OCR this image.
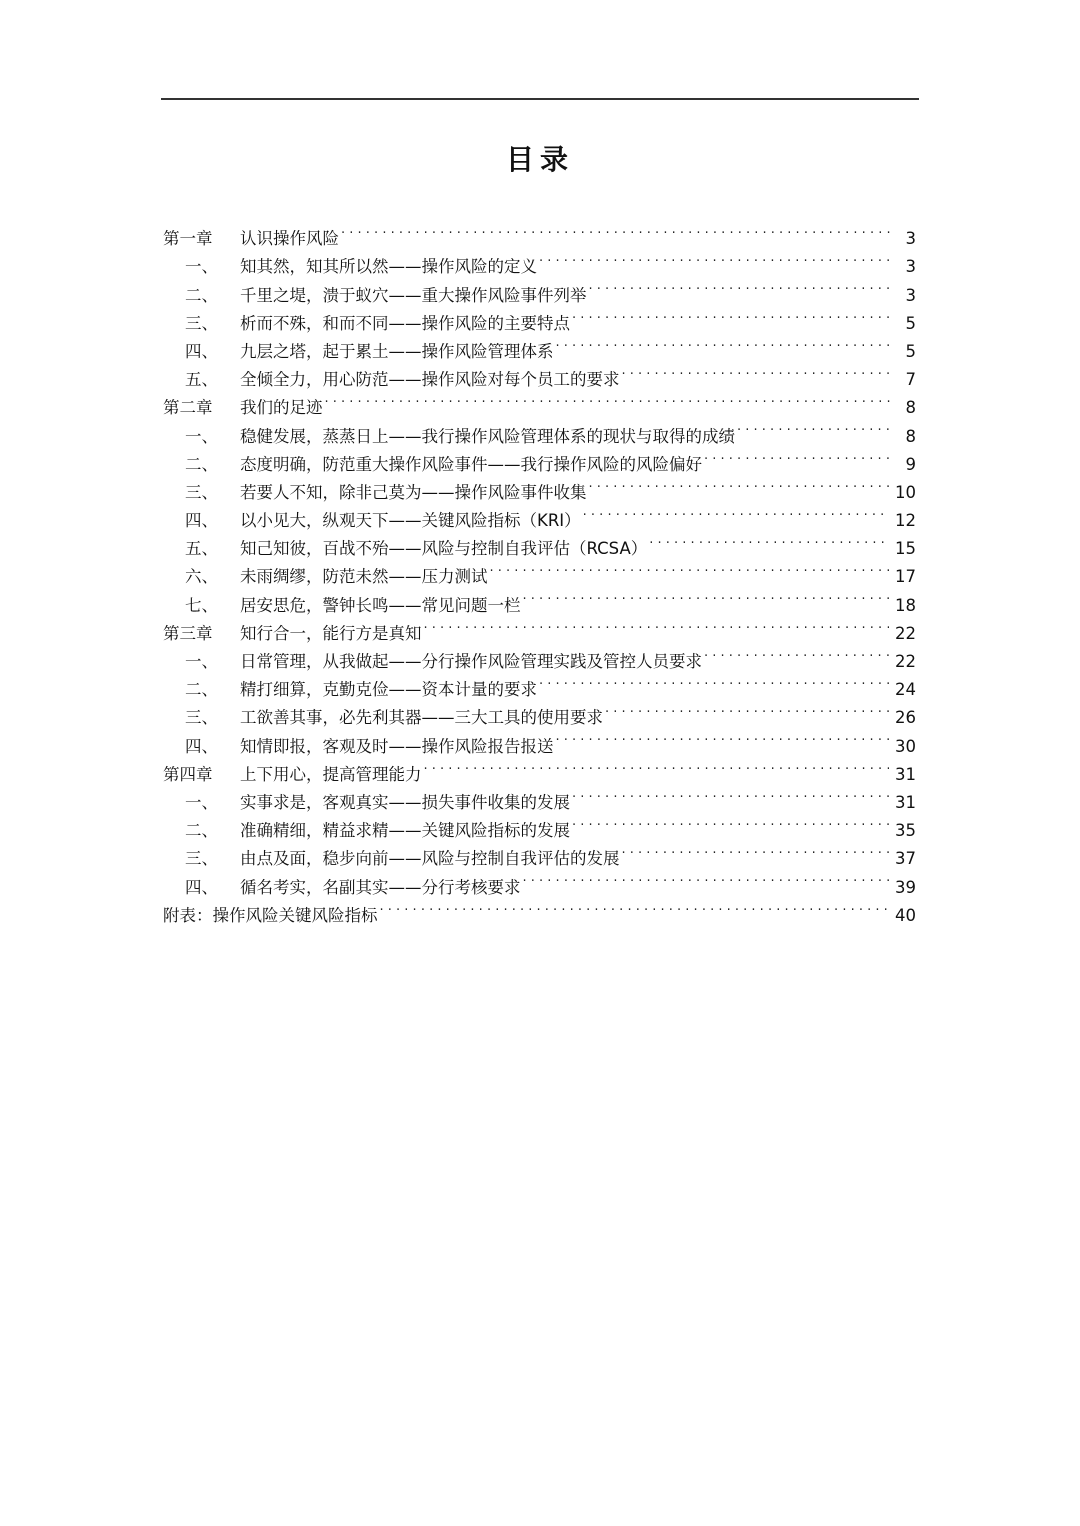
目录
第一章	认识操作风险 . . .	3
一、	知其然，知其所以然——操作风险的定义 . . .	3
二、	千里之堤，溃于蚁穴——重大操作风险事件列举 . . .	3
三、	析而不殊，和而不同——操作风险的主要特点 . . .	5
四、	九层之塔，起于累土——操作风险管理体系 . . .	5
五、	全倾全力，用心防范——操作风险对每个员工的要求 . . .	7
第二章	我们的足迹 . . .	8
一、	稳健发展，蒸蒸日上——我行操作风险管理体系的现状与取得的成绩 . . .	8
二、	态度明确，防范重大操作风险事件——我行操作风险的风险偏好 . . .	9
三、	若要人不知，除非己莫为——操作风险事件收集 . . .	10
四、	以小见大，纵观天下——关键风险指标（KRI） . . .	12
五、	知己知彼，百战不殆——风险与控制自我评估（RCSA） . . .	15
六、	未雨绸缪，防范未然——压力测试 . . .	17
七、	居安思危，警钟长鸣——常见问题一栏 . . .	18
第三章	知行合一，能行方是真知 . . .	22
一、	日常管理，从我做起——分行操作风险管理实践及管控人员要求 . . .	22
二、	精打细算，克勤克俭——资本计量的要求 . . .	24
三、	工欲善其事，必先利其器——三大工具的使用要求 . . .	26
四、	知情即报，客观及时——操作风险报告报送 . . .	30
第四章	上下用心，提高管理能力 . . .	31
一、	实事求是，客观真实——损失事件收集的发展 . . .	31
二、	准确精细，精益求精——关键风险指标的发展 . . .	35
三、	由点及面，稳步向前——风险与控制自我评估的发展 . . .	37
四、	循名考实，名副其实——分行考核要求 . . .	39
附表：操作风险关键风险指标 . . .	40
